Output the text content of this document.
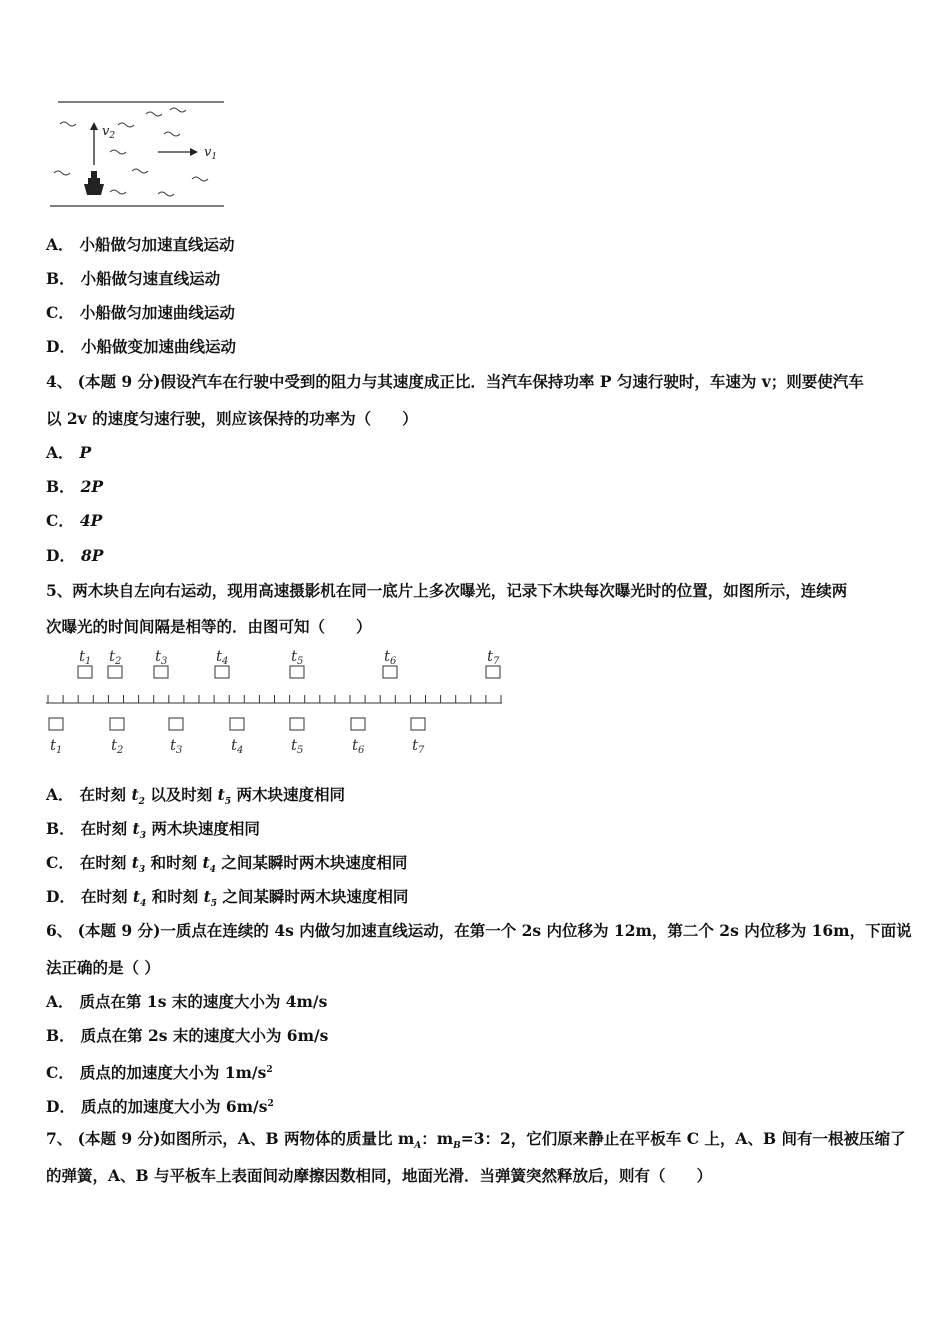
$v_2$
$v_1$
A． 小船做匀加速直线运动
B． 小船做匀速直线运动
C． 小船做匀加速曲线运动
D． 小船做变加速曲线运动
4、 (本题 9 分)假设汽车在行驶中受到的阻力与其速度成正比．当汽车保持功率 P 匀速行驶时，车速为 v；则要使汽车
以 2v 的速度匀速行驶，则应该保持的功率为（　　）
A． P
B． 2P
C． 4P
D． 8P
5、两木块自左向右运动，现用高速摄影机在同一底片上多次曝光，记录下木块每次曝光时的位置，如图所示，连续两
次曝光的时间间隔是相等的．由图可知（　　）
$t_1$ $t_2$ $t_3$	$t_4$	$t_5$	$t_6$	$t_7$
$t_1$	$t_2$	$t_3$	$t_4$	$t_5$	$t_6$	$t_7$
A． 在时刻 $t_2$ 以及时刻 $t_5$ 两木块速度相同
B． 在时刻 $t_3$ 两木块速度相同
C． 在时刻 $t_3$ 和时刻 $t_4$ 之间某瞬时两木块速度相同
D． 在时刻 $t_4$ 和时刻 $t_5$ 之间某瞬时两木块速度相同
6、 (本题 9 分)一质点在连续的 4s 内做匀加速直线运动，在第一个 2s 内位移为 12m，第二个 2s 内位移为 16m，下面说
法正确的是（ ）
A． 质点在第 1s 末的速度大小为 4m/s
B． 质点在第 2s 末的速度大小为 6m/s
C． 质点的加速度大小为 $1m/s^2$
D． 质点的加速度大小为 $6m/s^2$
7、 (本题 9 分)如图所示，A、B 两物体的质量比 $m_A$：$m_B=3$：2，它们原来静止在平板车 C 上，A、B 间有一根被压缩了
的弹簧，A、B 与平板车上表面间动摩擦因数相同，地面光滑．当弹簧突然释放后，则有（　　）
